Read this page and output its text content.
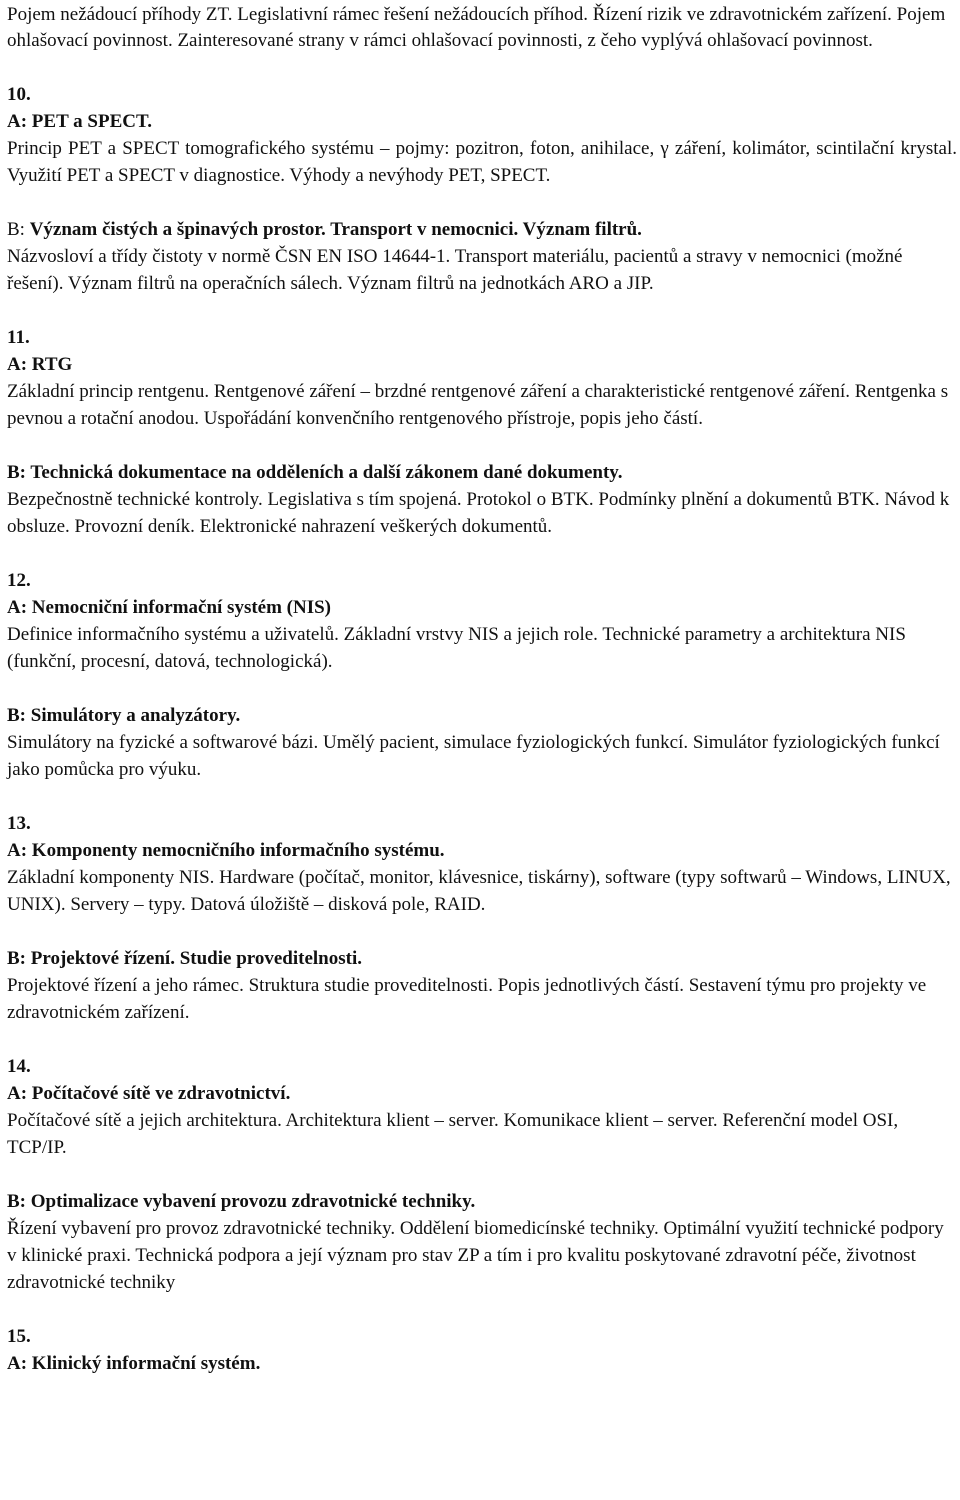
Pojem nežádoucí příhody ZT. Legislativní rámec řešení nežádoucích příhod. Řízení rizik ve zdravotnickém zařízení. Pojem ohlašovací povinnost. Zainteresované strany v rámci ohlašovací povinnosti, z čeho vyplývá ohlašovací povinnost.

10.

A: PET a SPECT.

Princip PET a SPECT tomografického systému – pojmy: pozitron, foton, anihilace, γ záření, kolimátor, scintilační krystal. Využití PET a SPECT v diagnostice. Výhody a nevýhody PET, SPECT.

B: Význam čistých a špinavých prostor. Transport v nemocnici. Význam filtrů.

Názvosloví a třídy čistoty v normě ČSN EN ISO 14644-1. Transport materiálu, pacientů a stravy v nemocnici (možné řešení). Význam filtrů na operačních sálech. Význam filtrů na jednotkách ARO a JIP.

11.

A: RTG

Základní princip rentgenu. Rentgenové záření – brzdné rentgenové záření a charakteristické rentgenové záření. Rentgenka s pevnou a rotační anodou. Uspořádání konvenčního rentgenového přístroje, popis jeho částí.

B: Technická dokumentace na odděleních a další zákonem dané dokumenty.

Bezpečnostně technické kontroly. Legislativa s tím spojená. Protokol o BTK. Podmínky plnění a dokumentů BTK. Návod k obsluze. Provozní deník. Elektronické nahrazení veškerých dokumentů.

12.

A: Nemocniční informační systém (NIS)

Definice informačního systému a uživatelů. Základní vrstvy NIS a jejich role. Technické parametry a architektura NIS (funkční, procesní, datová, technologická).

B: Simulátory a analyzátory.

Simulátory na fyzické a softwarové bázi. Umělý pacient, simulace fyziologických funkcí. Simulátor fyziologických funkcí jako pomůcka pro výuku.

13.

A: Komponenty nemocničního informačního systému.

Základní komponenty NIS. Hardware (počítač, monitor, klávesnice, tiskárny), software (typy softwarů – Windows, LINUX, UNIX). Servery – typy. Datová úložiště – disková pole, RAID.

B: Projektové řízení. Studie proveditelnosti.

Projektové řízení a jeho rámec. Struktura studie proveditelnosti. Popis jednotlivých částí. Sestavení týmu pro projekty ve zdravotnickém zařízení.

14.

A: Počítačové sítě ve zdravotnictví.

Počítačové sítě a jejich architektura. Architektura klient – server. Komunikace klient – server. Referenční model OSI, TCP/IP.

B: Optimalizace vybavení provozu zdravotnické techniky.

Řízení vybavení pro provoz zdravotnické techniky. Oddělení biomedicínské techniky. Optimální využití technické podpory v klinické praxi. Technická podpora a její význam pro stav ZP a tím i pro kvalitu poskytované zdravotní péče, životnost zdravotnické techniky

15.

A: Klinický informační systém.
